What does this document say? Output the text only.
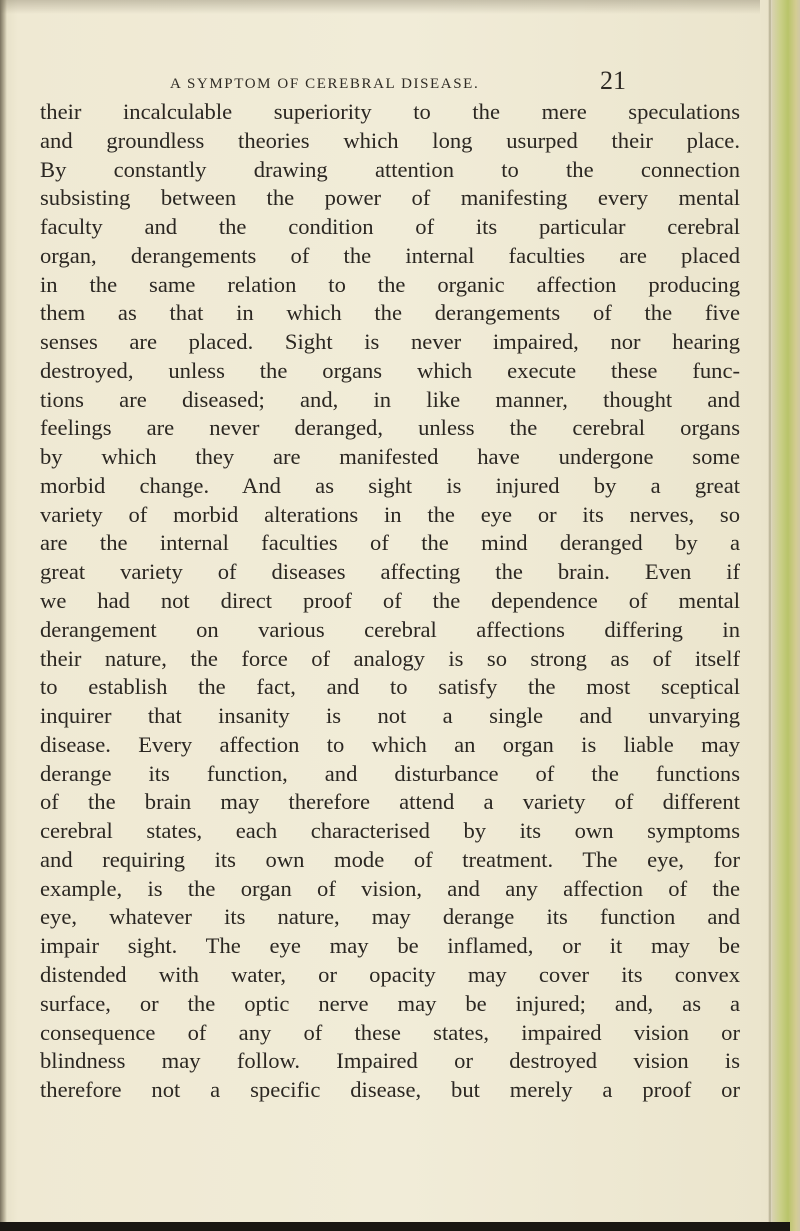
A SYMPTOM OF CEREBRAL DISEASE.	21
their incalculable superiority to the mere speculations
and groundless theories which long usurped their place.
By constantly drawing attention to the connection
subsisting between the power of manifesting every mental
faculty and the condition of its particular cerebral
organ, derangements of the internal faculties are placed
in the same relation to the organic affection producing
them as that in which the derangements of the five
senses are placed. Sight is never impaired, nor hearing
destroyed, unless the organs which execute these func-
tions are diseased; and, in like manner, thought and
feelings are never deranged, unless the cerebral organs
by which they are manifested have undergone some
morbid change. And as sight is injured by a great
variety of morbid alterations in the eye or its nerves, so
are the internal faculties of the mind deranged by a
great variety of diseases affecting the brain. Even if
we had not direct proof of the dependence of mental
derangement on various cerebral affections differing in
their nature, the force of analogy is so strong as of itself
to establish the fact, and to satisfy the most sceptical
inquirer that insanity is not a single and unvarying
disease. Every affection to which an organ is liable may
derange its function, and disturbance of the functions
of the brain may therefore attend a variety of different
cerebral states, each characterised by its own symptoms
and requiring its own mode of treatment. The eye, for
example, is the organ of vision, and any affection of the
eye, whatever its nature, may derange its function and
impair sight. The eye may be inflamed, or it may be
distended with water, or opacity may cover its convex
surface, or the optic nerve may be injured; and, as a
consequence of any of these states, impaired vision or
blindness may follow. Impaired or destroyed vision is
therefore not a specific disease, but merely a proof or
